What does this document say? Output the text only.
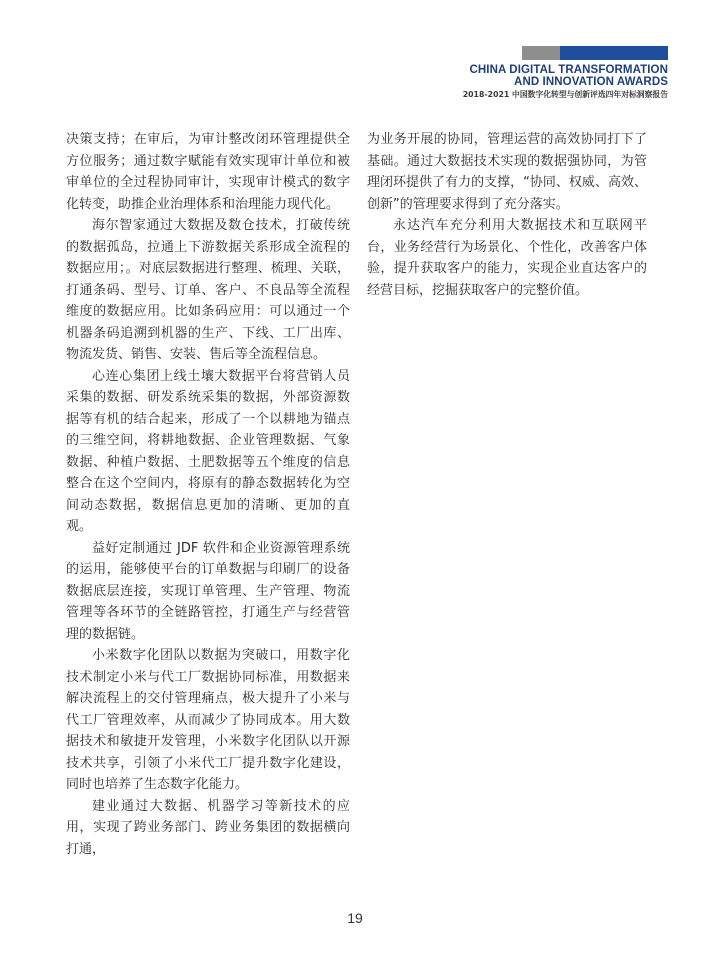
CHINA DIGITAL TRANSFORMATION
AND INNOVATION AWARDS
2018-2021 中国数字化转型与创新评选四年对标洞察报告

决策支持；在审后，为审计整改闭环管理提供全方位服务；通过数字赋能有效实现审计单位和被审单位的全过程协同审计，实现审计模式的数字化转变，助推企业治理体系和治理能力现代化。

海尔智家通过大数据及数仓技术，打破传统的数据孤岛，拉通上下游数据关系形成全流程的数据应用；。对底层数据进行整理、梳理、关联，打通条码、型号、订单、客户、不良品等全流程维度的数据应用。比如条码应用：可以通过一个机器条码追溯到机器的生产、下线、工厂出库、物流发货、销售、安装、售后等全流程信息。

心连心集团上线土壤大数据平台将营销人员采集的数据、研发系统采集的数据，外部资源数据等有机的结合起来，形成了一个以耕地为锚点的三维空间，将耕地数据、企业管理数据、气象数据、种植户数据、土肥数据等五个维度的信息整合在这个空间内，将原有的静态数据转化为空间动态数据，数据信息更加的清晰、更加的直观。

益好定制通过 JDF 软件和企业资源管理系统的运用，能够使平台的订单数据与印刷厂的设备数据底层连接，实现订单管理、生产管理、物流管理等各环节的全链路管控，打通生产与经营管理的数据链。

小米数字化团队以数据为突破口，用数字化技术制定小米与代工厂数据协同标准，用数据来解决流程上的交付管理痛点，极大提升了小米与代工厂管理效率，从而减少了协同成本。用大数据技术和敏捷开发管理，小米数字化团队以开源技术共享，引领了小米代工厂提升数字化建设，同时也培养了生态数字化能力。

建业通过大数据、机器学习等新技术的应用，实现了跨业务部门、跨业务集团的数据横向打通，

为业务开展的协同，管理运营的高效协同打下了基础。通过大数据技术实现的数据强协同，为管理闭环提供了有力的支撑，“协同、权威、高效、创新”的管理要求得到了充分落实。

永达汽车充分利用大数据技术和互联网平台，业务经营行为场景化、个性化，改善客户体验，提升获取客户的能力，实现企业直达客户的经营目标，挖掘获取客户的完整价值。

19
